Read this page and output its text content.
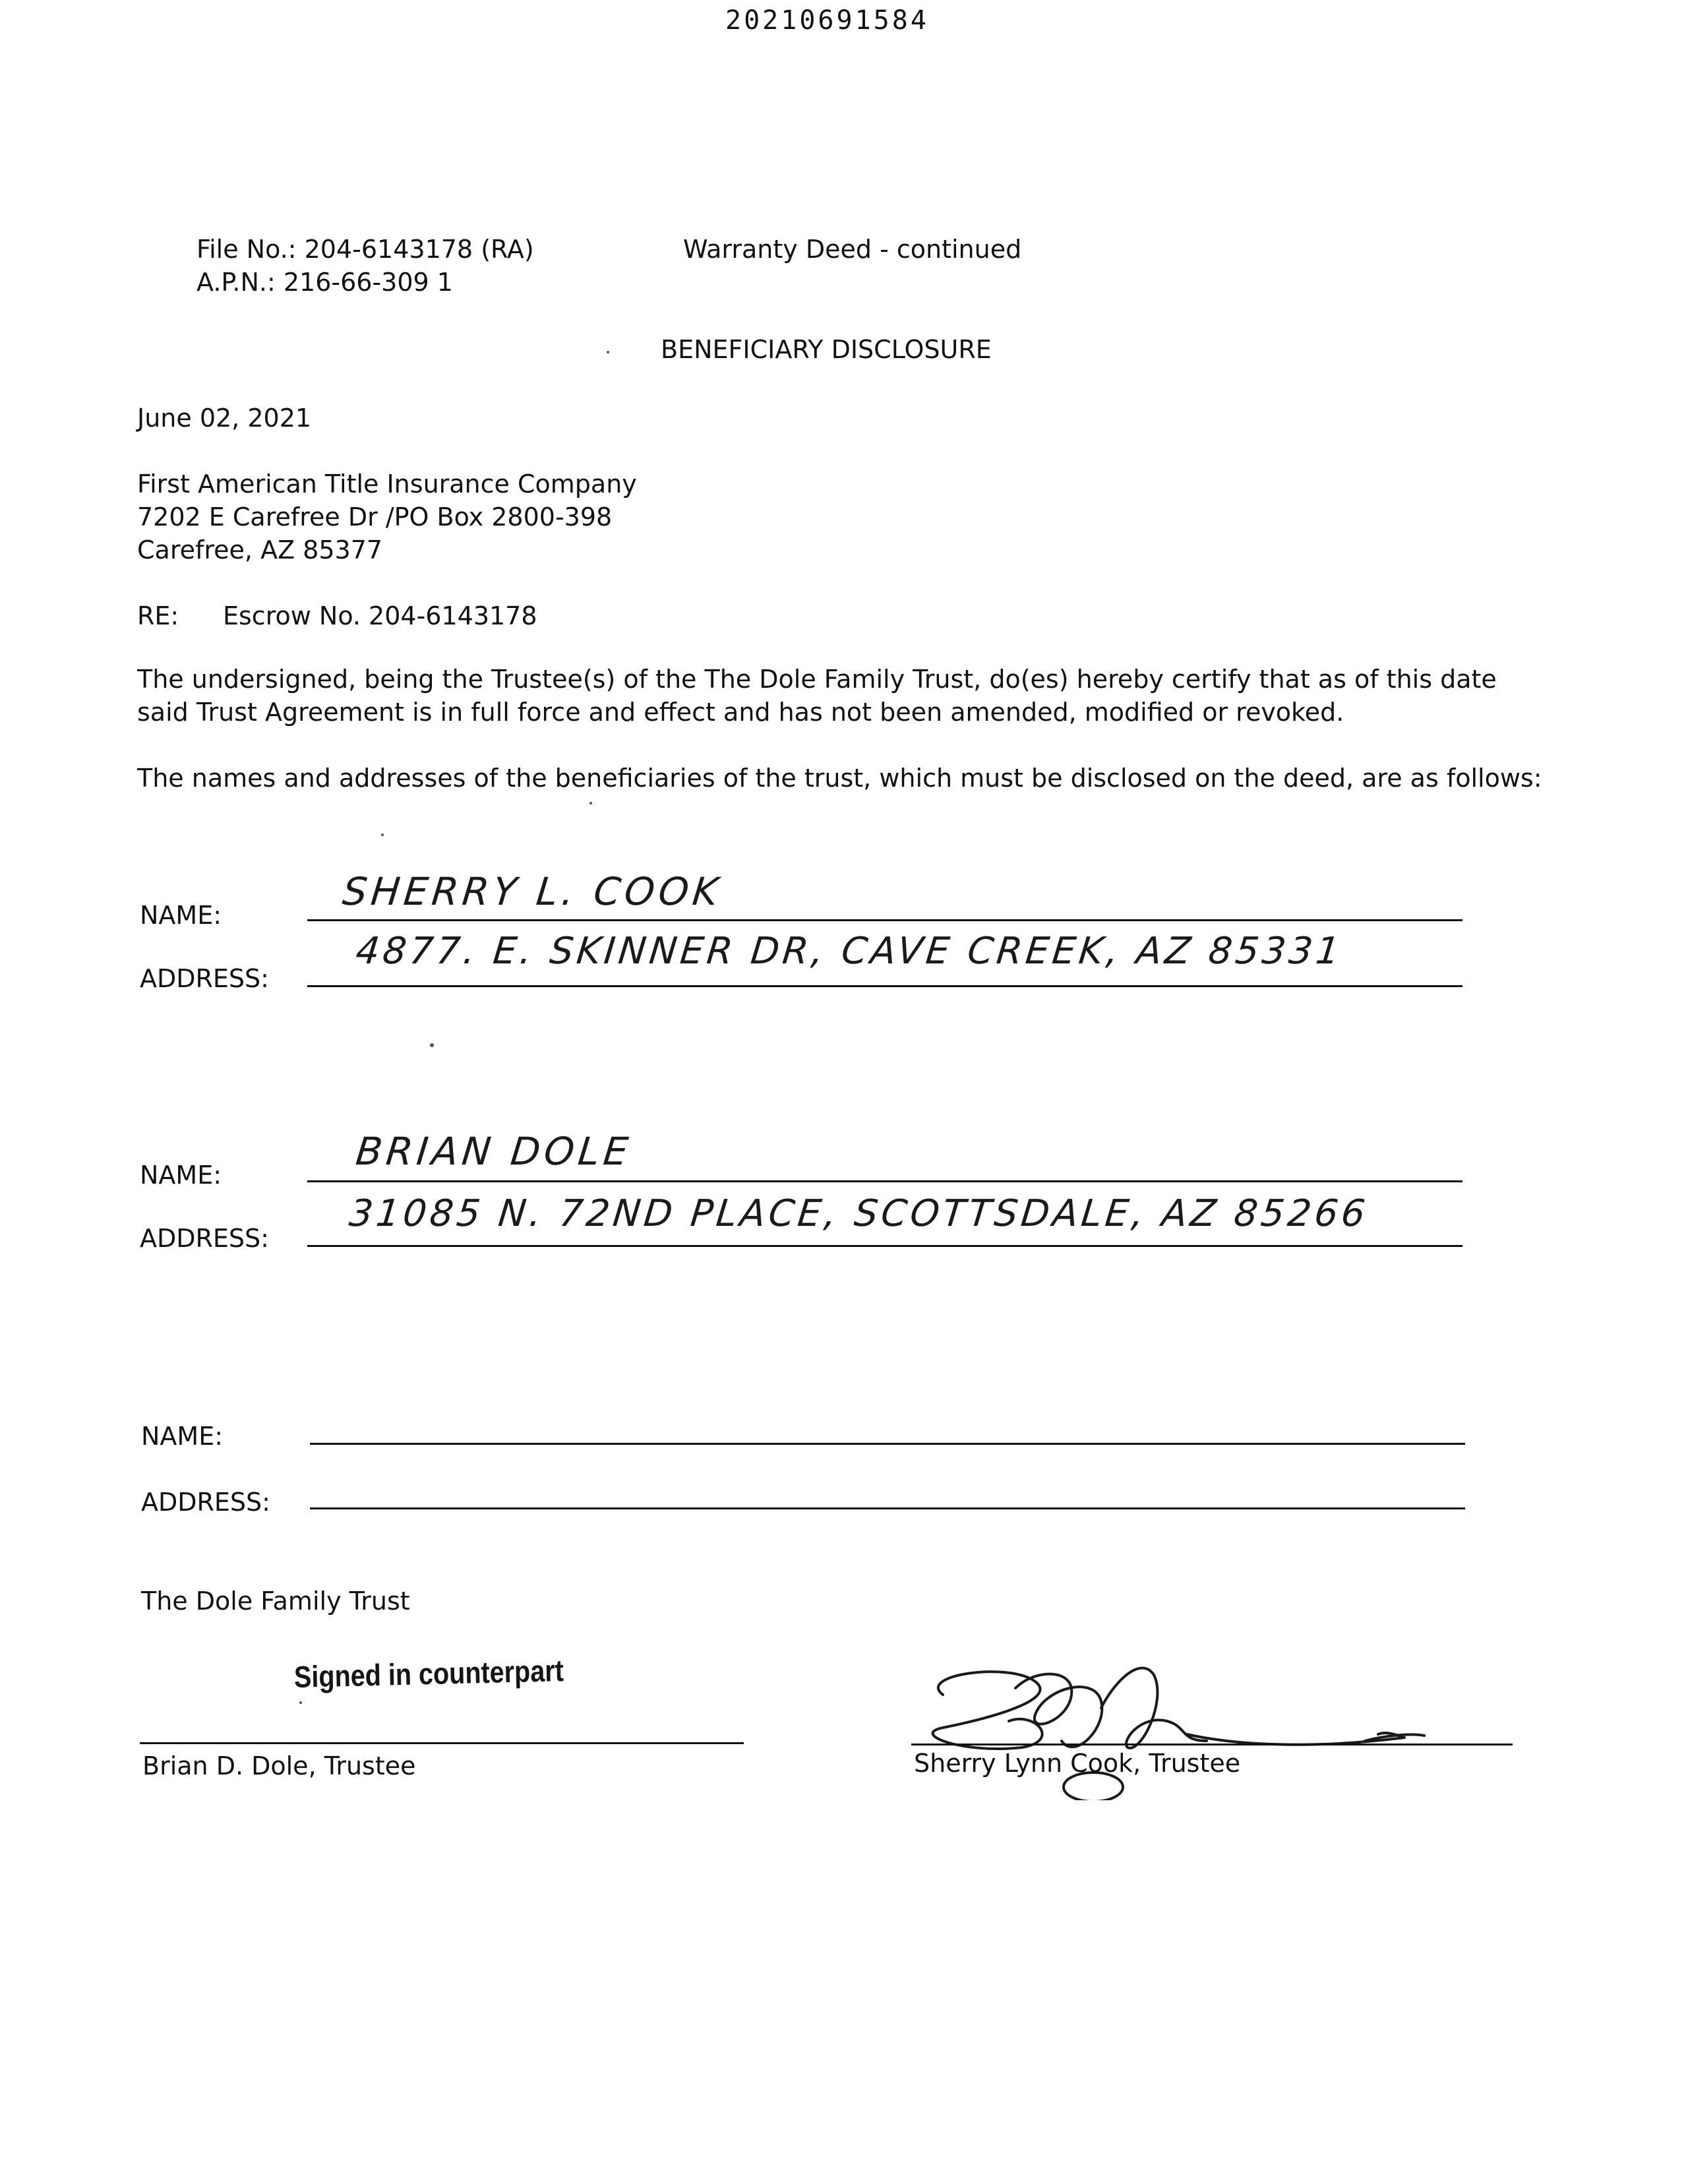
20210691584
File No.: 204-6143178 (RA)
A.P.N.: 216-66-309 1
Warranty Deed - continued
BENEFICIARY DISCLOSURE
June 02, 2021
First American Title Insurance Company
7202 E Carefree Dr /PO Box 2800-398
Carefree, AZ 85377
RE: Escrow No. 204-6143178
The undersigned, being the Trustee(s) of the The Dole Family Trust, do(es) hereby certify that as of this date
said Trust Agreement is in full force and effect and has not been amended, modified or revoked.
The names and addresses of the beneficiaries of the trust, which must be disclosed on the deed, are as follows:
NAME:
SHERRY L. COOK
ADDRESS:
4877. E. SKINNER DR, CAVE CREEK, AZ 85331
NAME:
BRIAN DOLE
ADDRESS:
31085 N. 72ND PLACE, SCOTTSDALE, AZ 85266
NAME:
ADDRESS:
The Dole Family Trust
Signed in counterpart
Brian D. Dole, Trustee	Sherry Lynn Cook, Trustee
